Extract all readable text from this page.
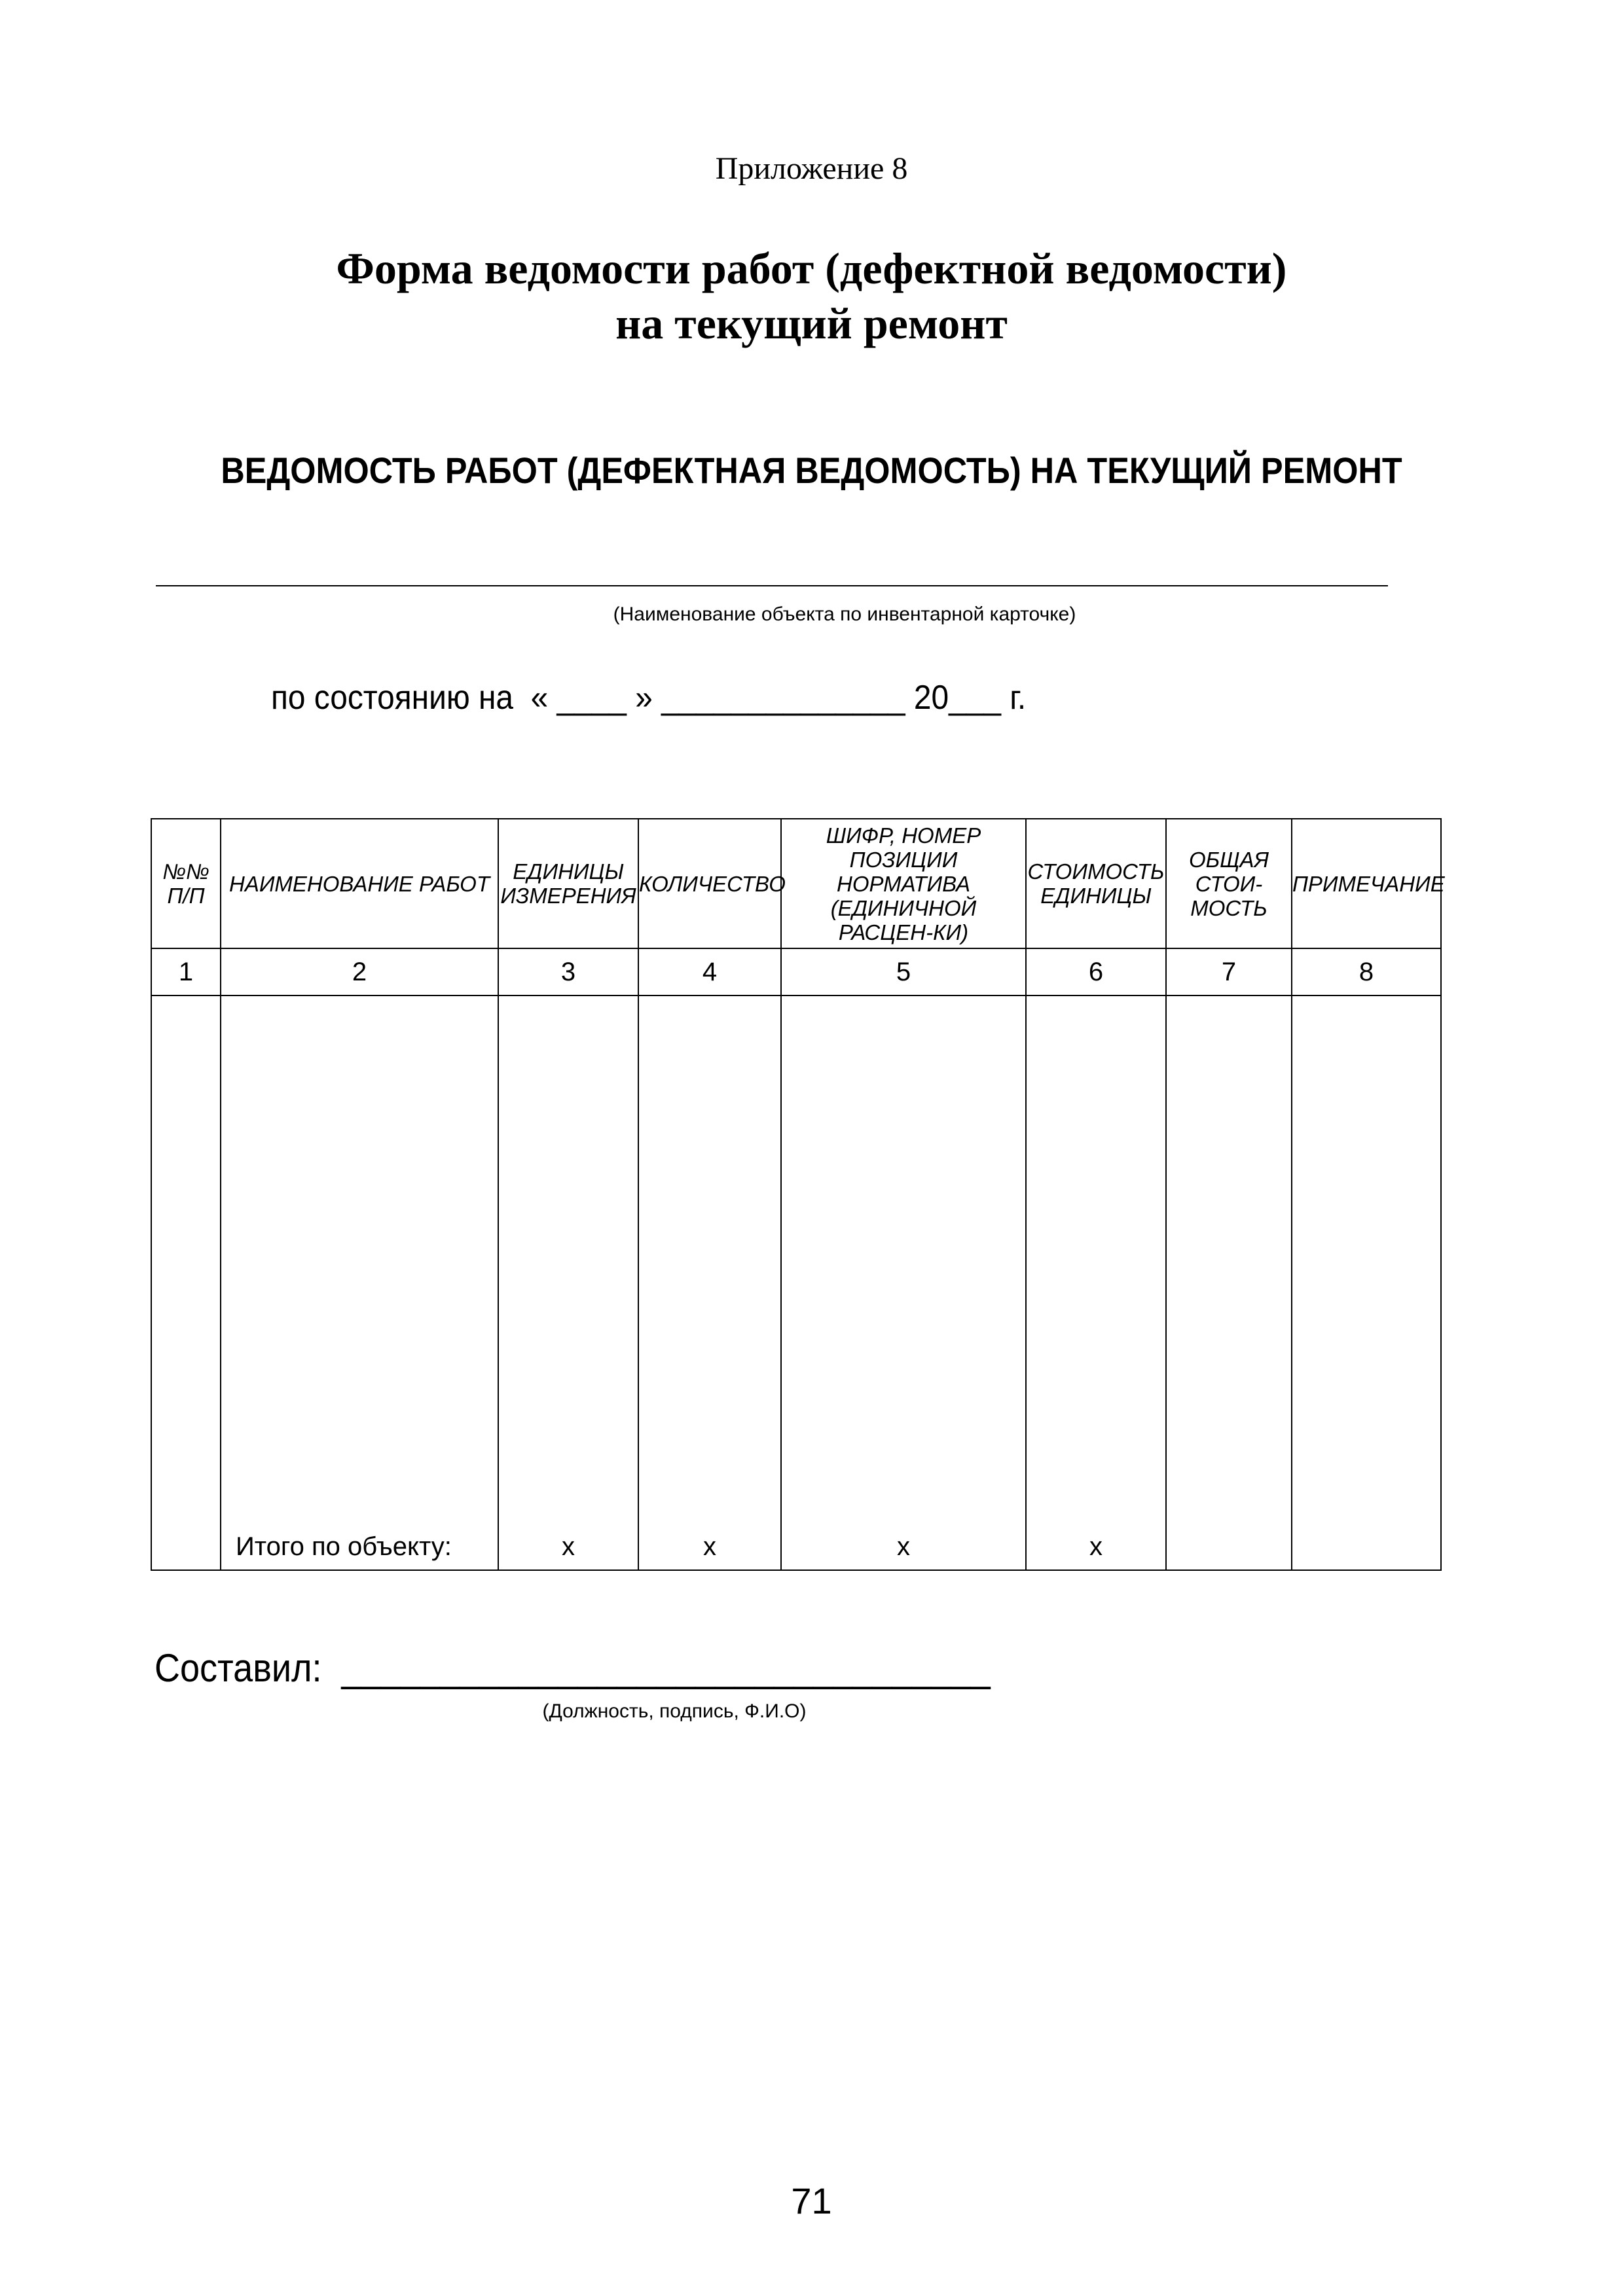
Приложение 8
Форма ведомости работ (дефектной ведомости)
на текущий ремонт
ВЕДОМОСТЬ РАБОТ (ДЕФЕКТНАЯ ВЕДОМОСТЬ) НА ТЕКУЩИЙ РЕМОНТ
(Наименование объекта по инвентарной карточке)
по состоянию на  « ____ » ______________ 20___ г.
№№ П/П	НАИМЕНОВАНИЕ РАБОТ	ЕДИНИЦЫ ИЗМЕРЕНИЯ	КОЛИЧЕСТВО	ШИФР, НОМЕР ПОЗИЦИИ НОРМАТИВА (ЕДИНИЧНОЙ РАСЦЕН-КИ)	СТОИМОСТЬ ЕДИНИЦЫ	ОБЩАЯ СТОИ-МОСТЬ	ПРИМЕЧАНИЕ
1	2	3	4	5	6	7	8
	Итого по объекту:	х	х	х	х		
Составил:  _________________________________
(Должность, подпись, Ф.И.О)
71
